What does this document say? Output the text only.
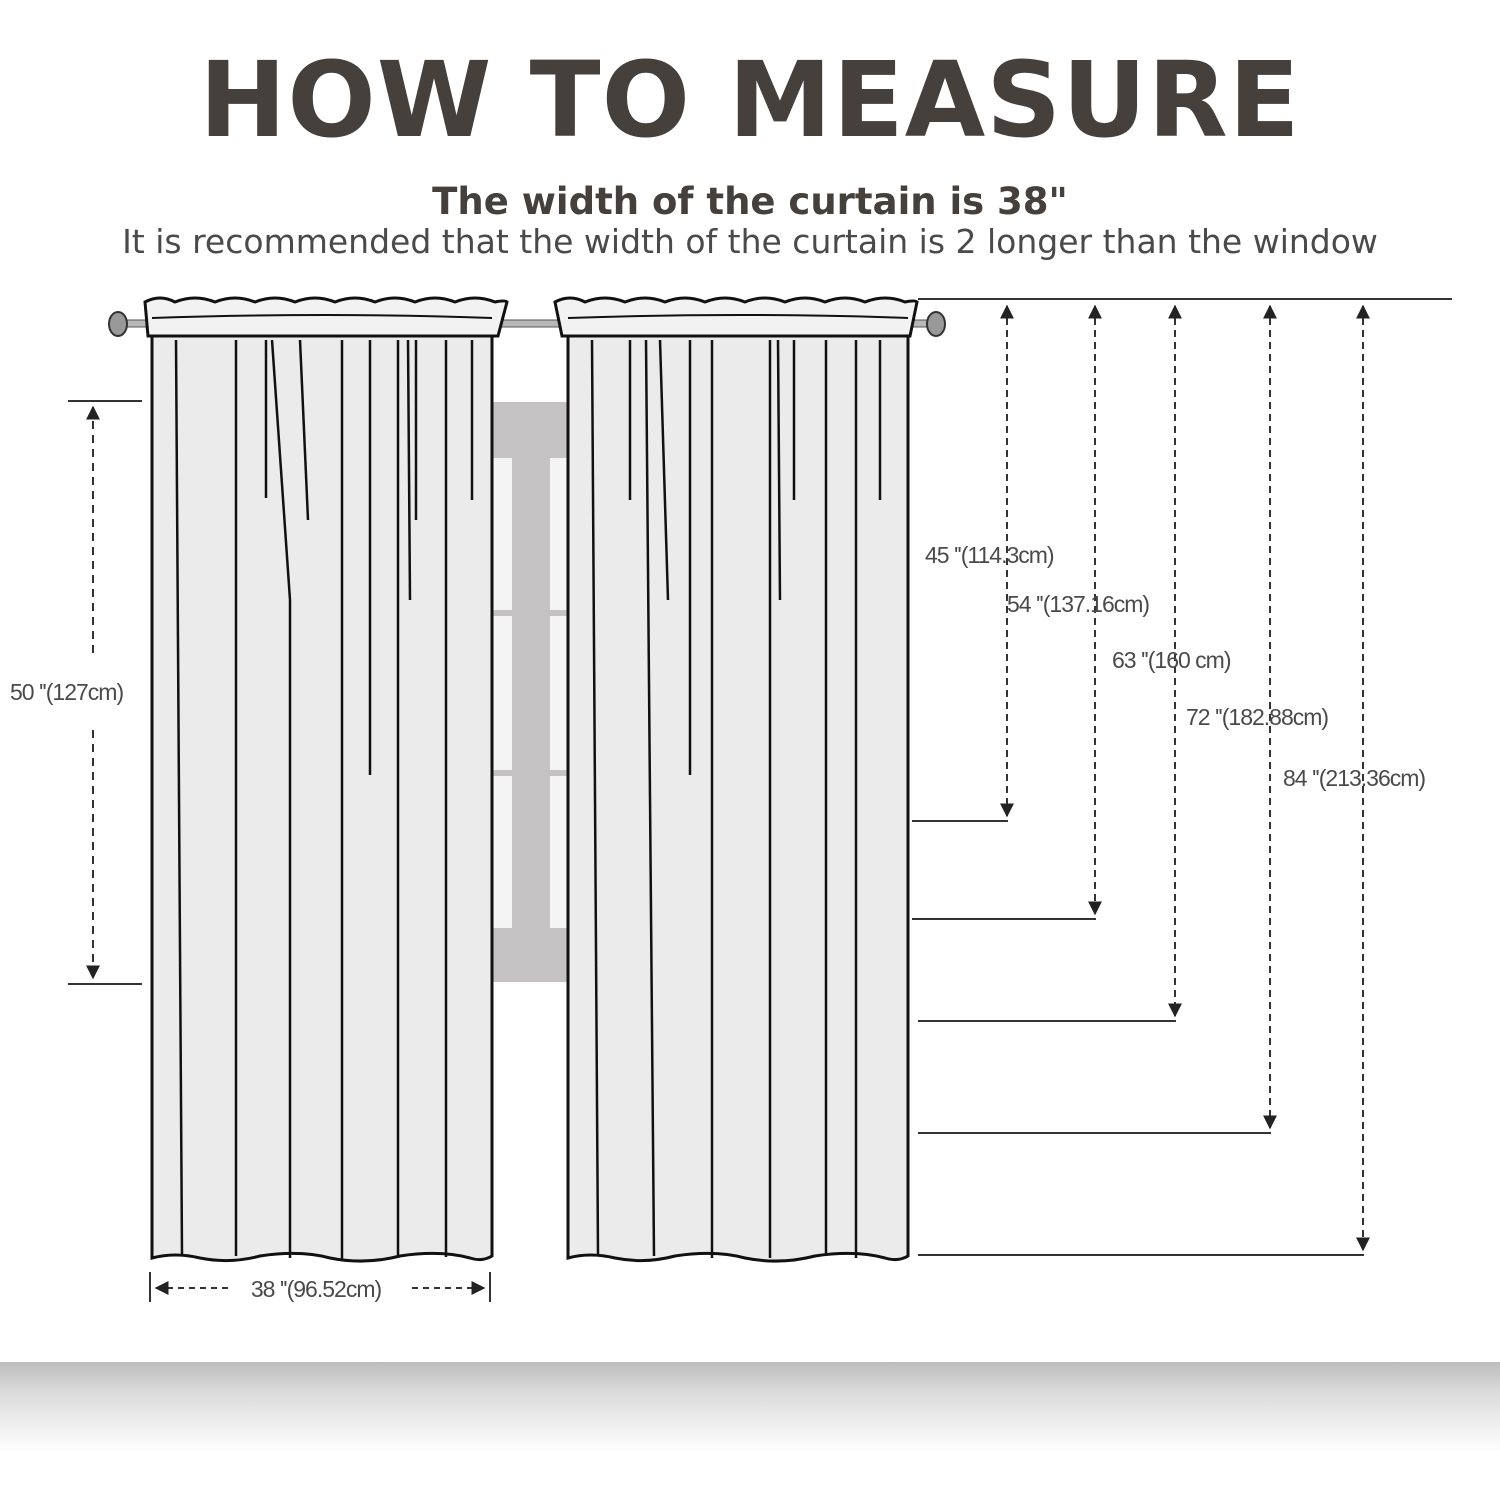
38 ''(96.52cm)
50 ''(127cm)
45 ''(114.3cm)
54 ''(137.16cm)
63 ''(160 cm)
72 ''(182.88cm)
84 ''(213.36cm)
HOW TO MEASURE

The width of the curtain is 38"

It is recommended that the width of the curtain is 2 longer than the window
